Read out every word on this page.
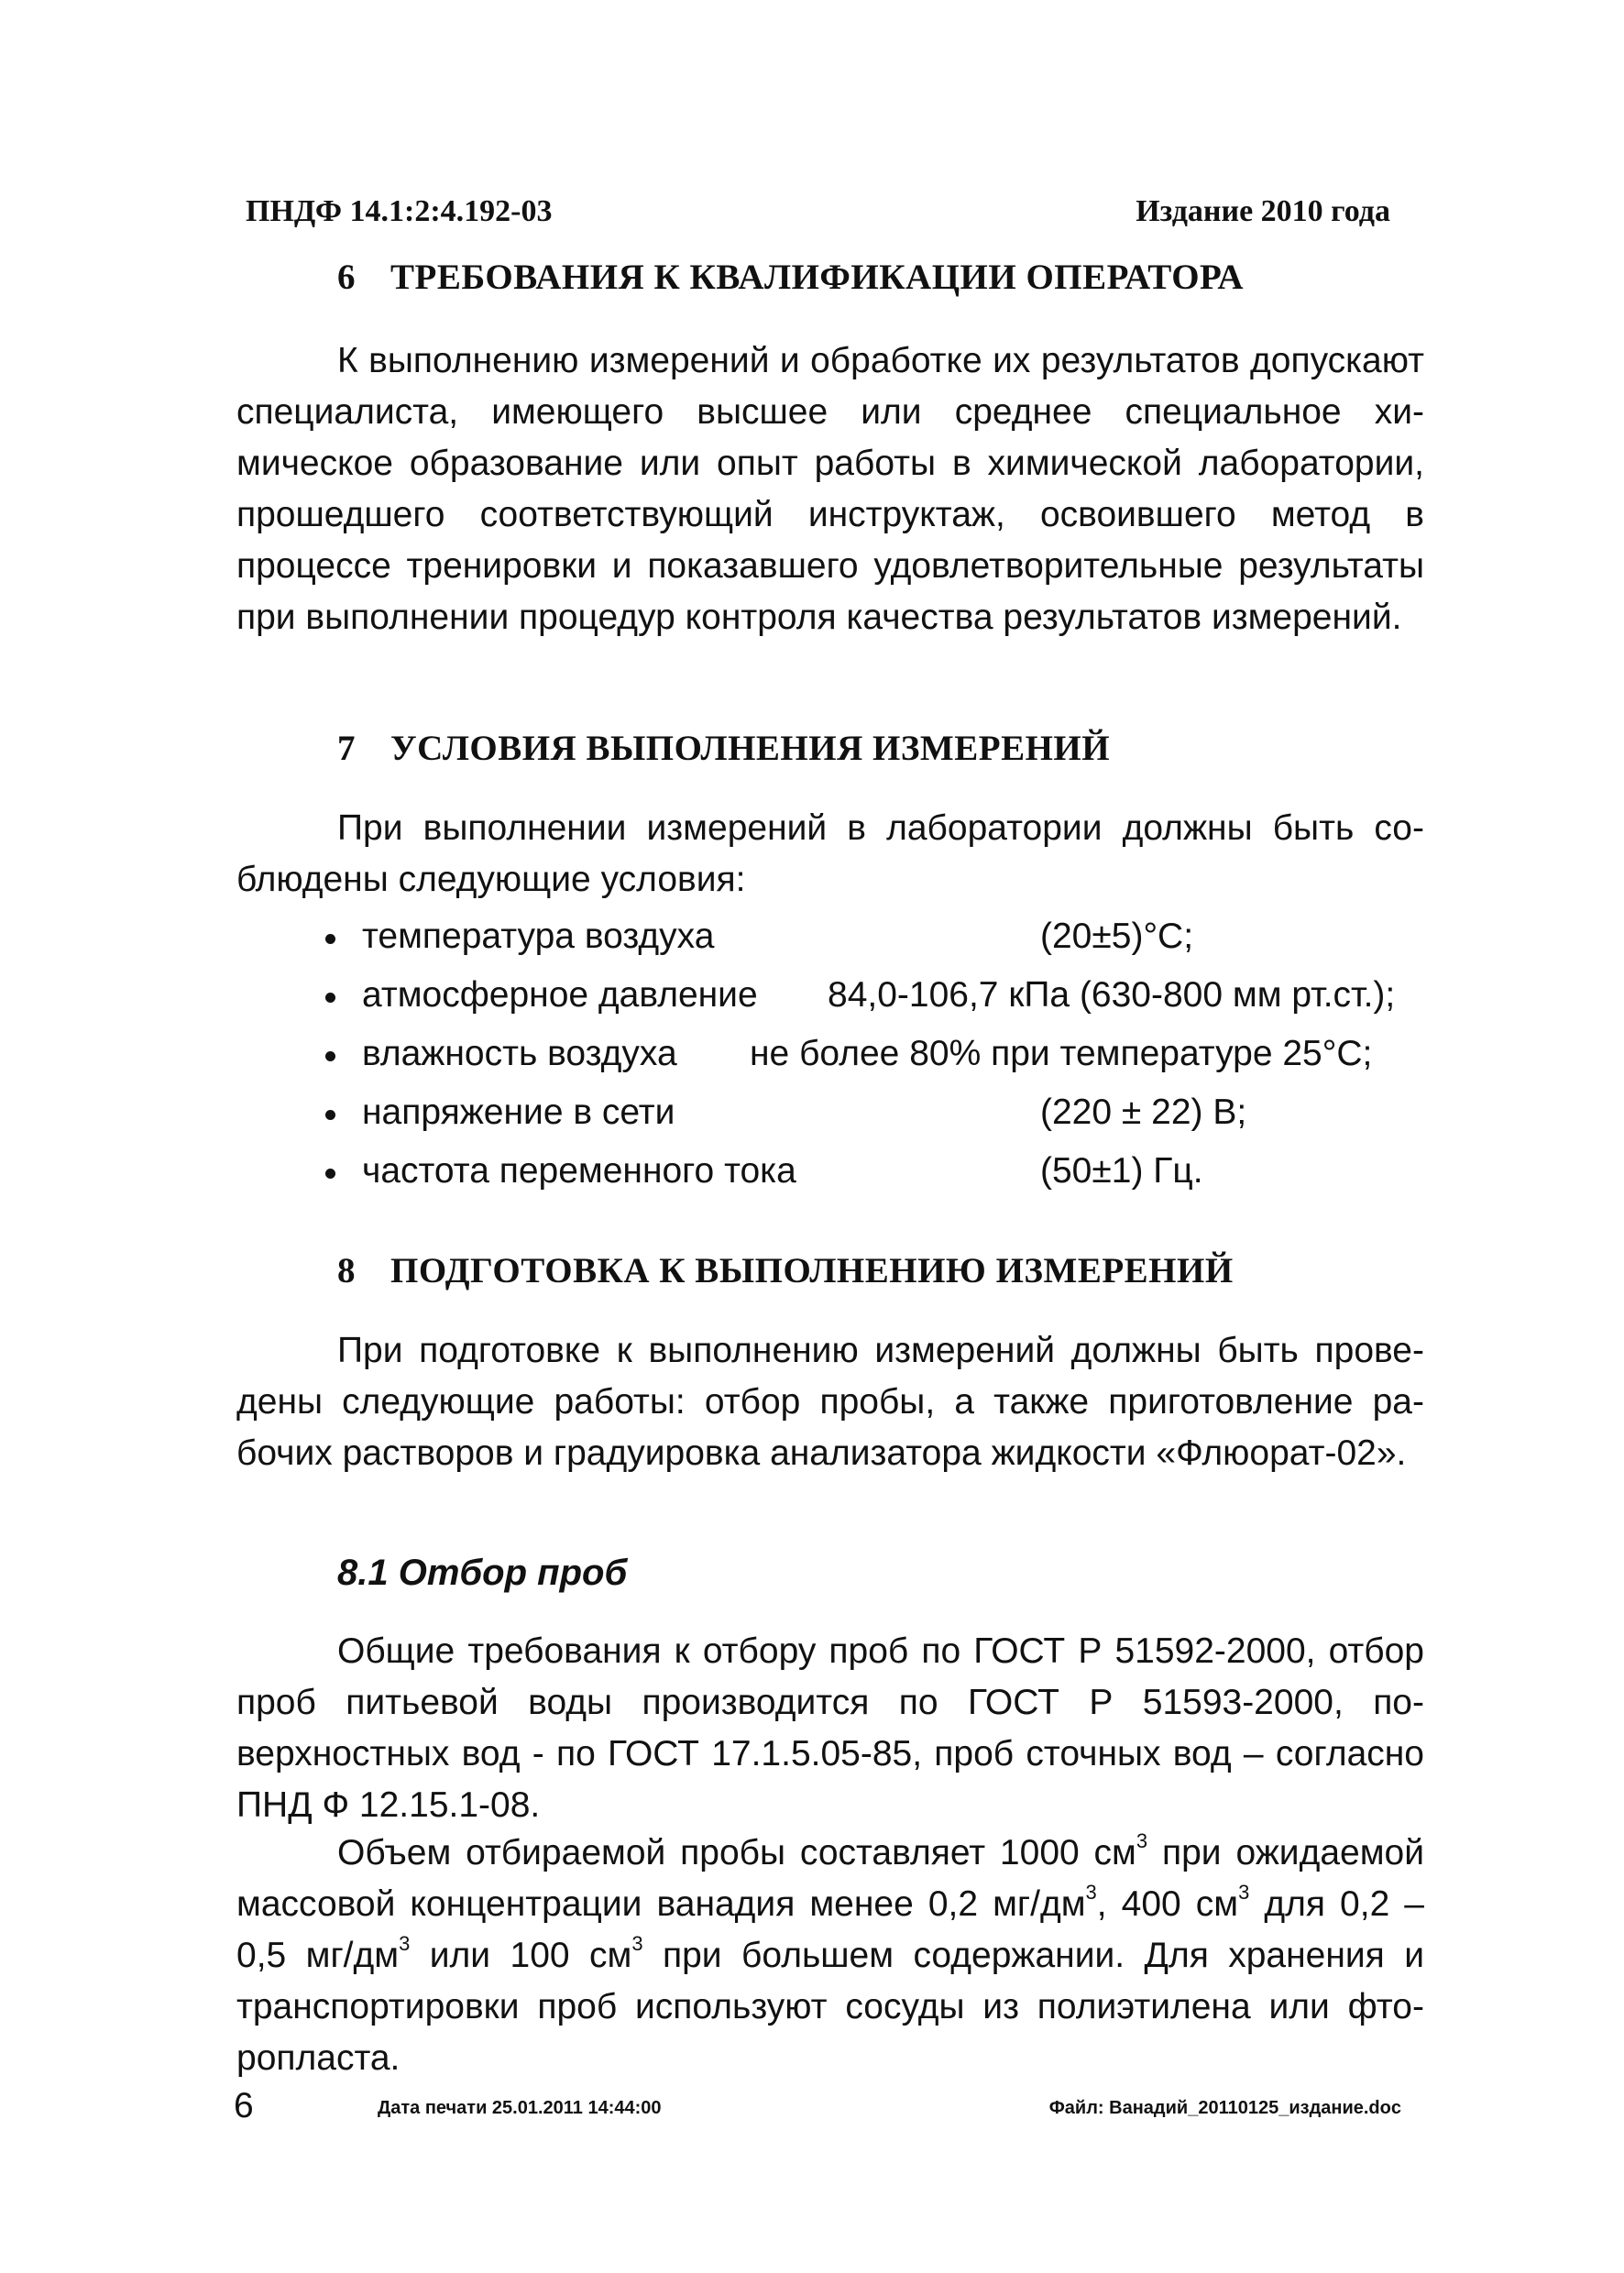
ПНДФ 14.1:2:4.192-03	Издание 2010 года
6 ТРЕБОВАНИЯ К КВАЛИФИКАЦИИ ОПЕРАТОРА
К выполнению измерений и обработке их результатов допускают специалиста, имеющего высшее или среднее специальное химическое образование или опыт работы в химической лаборатории, прошедшего соответствующий инструктаж, освоившего метод в процессе тренировки и показавшего удовлетворительные результаты при выполнении процедур контроля качества результатов измерений.
7 УСЛОВИЯ ВЫПОЛНЕНИЯ ИЗМЕРЕНИЙ
При выполнении измерений в лаборатории должны быть соблюдены следующие условия:
температура воздуха	(20±5)°С;
атмосферное давление 84,0-106,7 кПа (630-800 мм рт.ст.);
влажность воздуха не более 80% при температуре 25°С;
напряжение в сети	(220 ± 22) В;
частота переменного тока	(50±1) Гц.
8 ПОДГОТОВКА К ВЫПОЛНЕНИЮ ИЗМЕРЕНИЙ
При подготовке к выполнению измерений должны быть проведены следующие работы: отбор пробы, а также приготовление рабочих растворов и градуировка анализатора жидкости «Флюорат-02».
8.1 Отбор проб
Общие требования к отбору проб по ГОСТ Р 51592-2000, отбор проб питьевой воды производится по ГОСТ Р 51593-2000, поверхностных вод - по ГОСТ 17.1.5.05-85, проб сточных вод – согласно ПНД Ф 12.15.1-08.
Объем отбираемой пробы составляет 1000 $см^3$ при ожидаемой массовой концентрации ванадия менее 0,2 $мг/дм^3$, 400 $см^3$ для 0,2 – 0,5 $мг/дм^3$ или 100 $см^3$ при большем содержании. Для хранения и транспортировки проб используют сосуды из полиэтилена или фторопласта.
6	Дата печати 25.01.2011 14:44:00	Файл: Ванадий_20110125_издание.doc
